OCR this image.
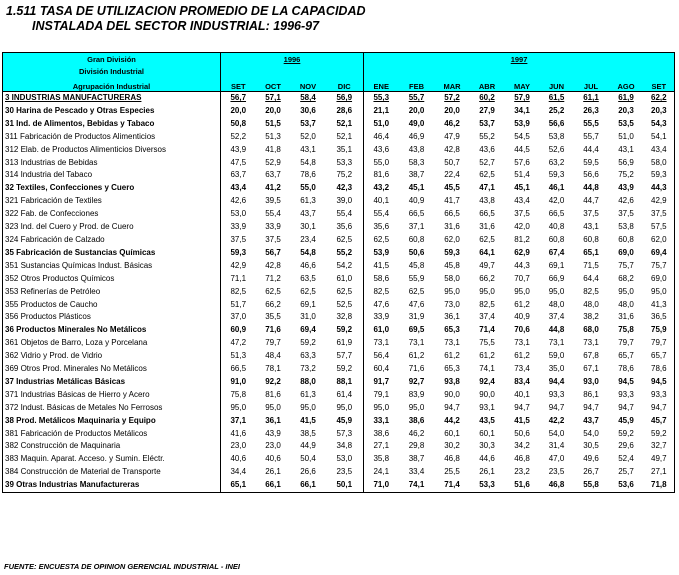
1.511 TASA DE UTILIZACION PROMEDIO DE LA CAPACIDAD
INSTALADA DEL SECTOR INDUSTRIAL: 1996-97
Gran División	1996				1997								
División Industrial													
Agrupación Industrial	SET	OCT	NOV	DIC	ENE	FEB	MAR	ABR	MAY	JUN	JUL	AGO	SET
3 INDUSTRIAS MANUFACTURERAS	56,7	57,1	58,4	56,9	55,3	55,7	57,2	60,2	57,9	61,5	61,1	61,9	62,2
30 Harina de Pescado y Otras Especies	20,0	20,0	30,6	28,6	21,1	20,0	20,0	27,9	34,1	25,2	26,3	20,3	20,3
31 Ind. de Alimentos, Bebidas y Tabaco	50,8	51,5	53,7	52,1	51,0	49,0	46,2	53,7	53,9	56,6	55,5	53,5	54,3
311 Fabricación de Productos Alimenticios	52,2	51,3	52,0	52,1	46,4	46,9	47,9	55,2	54,5	53,8	55,7	51,0	54,1
312 Elab. de Productos Alimenticios Diversos	43,9	41,8	43,1	35,1	43,6	43,8	42,8	43,6	44,5	52,6	44,4	43,1	43,4
313 Industrias de Bebidas	47,5	52,9	54,8	53,3	55,0	58,3	50,7	52,7	57,6	63,2	59,5	56,9	58,0
314 Industria del Tabaco	63,7	63,7	78,6	75,2	81,6	38,7	22,4	62,5	51,4	59,3	56,6	75,2	59,3
32 Textiles, Confecciones y Cuero	43,4	41,2	55,0	42,3	43,2	45,1	45,5	47,1	45,1	46,1	44,8	43,9	44,3
321 Fabricación de Textiles	42,6	39,5	61,3	39,0	40,1	40,9	41,7	43,8	43,4	42,0	44,7	42,6	42,9
322 Fab. de Confecciones	53,0	55,4	43,7	55,4	55,4	66,5	66,5	66,5	37,5	66,5	37,5	37,5	37,5
323 Ind. del Cuero y Prod. de Cuero	33,9	33,9	30,1	35,6	35,6	37,1	31,6	31,6	42,0	40,8	43,1	53,8	57,5
324 Fabricación de Calzado	37,5	37,5	23,4	62,5	62,5	60,8	62,0	62,5	81,2	60,8	60,8	60,8	62,0
35 Fabricación de Sustancias Químicas	59,3	56,7	54,8	55,2	53,9	50,6	59,3	64,1	62,9	67,4	65,1	69,0	69,4
351 Sustancias Químicas Indust. Básicas	42,9	42,8	46,6	54,2	41,5	45,8	45,8	49,7	44,3	69,1	71,5	75,7	75,7
352 Otros Productos Químicos	71,1	71,2	63,5	61,0	58,6	55,9	58,0	66,2	70,7	66,9	64,4	68,2	69,0
353 Refinerías de Petróleo	82,5	62,5	62,5	62,5	82,5	62,5	95,0	95,0	95,0	95,0	82,5	95,0	95,0
355 Productos de Caucho	51,7	66,2	69,1	52,5	47,6	47,6	73,0	82,5	61,2	48,0	48,0	48,0	41,3
356 Productos Plásticos	37,0	35,5	31,0	32,8	33,9	31,9	36,1	37,4	40,9	37,4	38,2	31,6	36,5
36 Productos Minerales No Metálicos	60,9	71,6	69,4	59,2	61,0	69,5	65,3	71,4	70,6	44,8	68,0	75,8	75,9
361 Objetos de Barro, Loza y Porcelana	47,2	79,7	59,2	61,9	73,1	73,1	73,1	75,5	73,1	73,1	73,1	79,7	79,7
362 Vidrio y Prod. de Vidrio	51,3	48,4	63,3	57,7	56,4	61,2	61,2	61,2	61,2	59,0	67,8	65,7	65,7
369 Otros Prod. Minerales No Metálicos	66,5	78,1	73,2	59,2	60,4	71,6	65,3	74,1	73,4	35,0	67,1	78,6	78,6
37 Industrias Metálicas Básicas	91,0	92,2	88,0	88,1	91,7	92,7	93,8	92,4	83,4	94,4	93,0	94,5	94,5
371 Industrias Básicas de Hierro y Acero	75,8	81,6	61,3	61,4	79,1	83,9	90,0	90,0	40,1	93,3	86,1	93,3	93,3
372 Indust. Básicas de Metales No Ferrosos	95,0	95,0	95,0	95,0	95,0	95,0	94,7	93,1	94,7	94,7	94,7	94,7	94,7
38 Prod. Metálicos Maquinaria y Equipo	37,1	36,1	41,5	45,9	33,1	38,6	44,2	43,5	41,5	42,2	43,7	45,9	45,7
381 Fabricación de Productos Metálicos	41,6	43,9	38,5	57,3	38,6	46,2	60,1	60,1	50,6	54,0	54,0	59,2	59,2
382 Construcción de Maquinaria	23,0	23,0	44,9	34,8	27,1	29,8	30,2	30,3	34,2	31,4	30,5	29,6	32,7
383 Maquin. Aparat. Acceso. y Sumin. Eléctr.	40,6	40,6	50,4	53,0	35,8	38,7	46,8	44,6	46,8	47,0	49,6	52,4	49,7
384 Construcción de Material de Transporte	34,4	26,1	26,6	23,5	24,1	33,4	25,5	26,1	23,2	23,5	26,7	25,7	27,1
39 Otras Industrias Manufactureras	65,1	66,1	66,1	50,1	71,0	74,1	71,4	53,3	51,6	46,8	55,8	53,6	71,8
FUENTE: ENCUESTA DE OPINION GERENCIAL INDUSTRIAL - INEI
